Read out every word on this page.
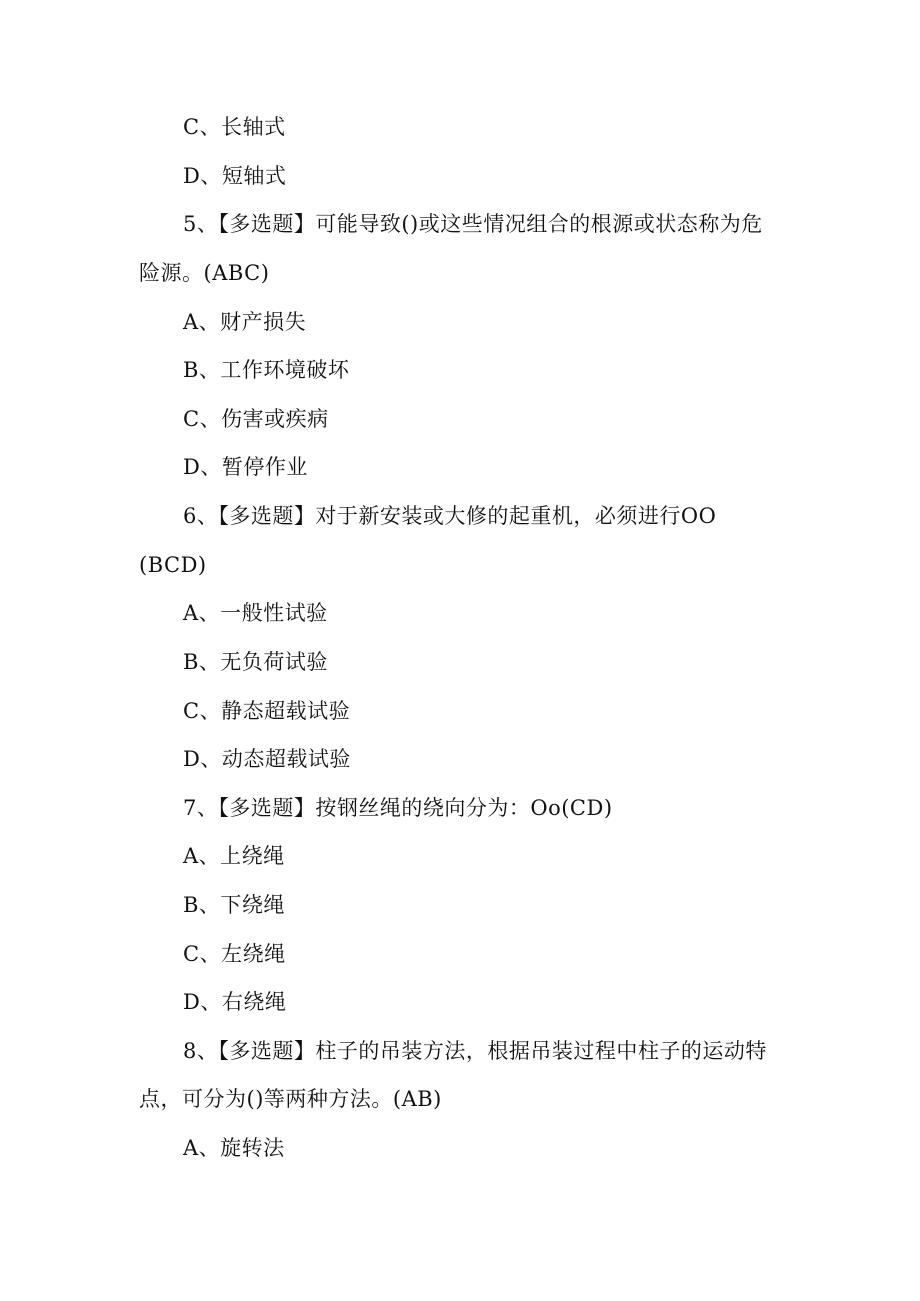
C、长轴式
D、短轴式
5、【多选题】可能导致()或这些情况组合的根源或状态称为危
险源。(ABC)
A、财产损失
B、工作环境破坏
C、伤害或疾病
D、暂停作业
6、【多选题】对于新安装或大修的起重机，必须进行OO
(BCD)
A、一般性试验
B、无负荷试验
C、静态超载试验
D、动态超载试验
7、【多选题】按钢丝绳的绕向分为：Oo(CD)
A、上绕绳
B、下绕绳
C、左绕绳
D、右绕绳
8、【多选题】柱子的吊装方法，根据吊装过程中柱子的运动特
点，可分为()等两种方法。(AB)
A、旋转法
